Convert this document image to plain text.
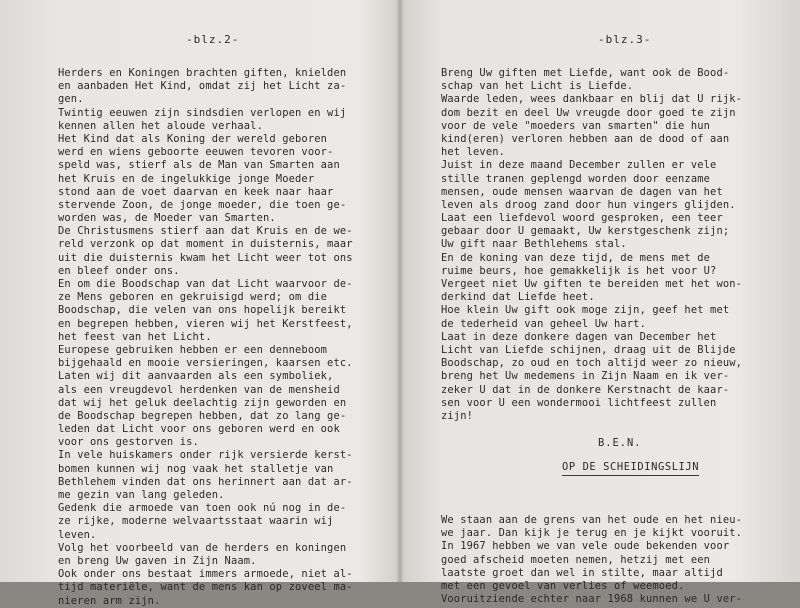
-blz.2-
Herders en Koningen brachten giften, knielden
en aanbaden Het Kind, omdat zij het Licht za-
gen.
Twintig eeuwen zijn sindsdien verlopen en wij
kennen allen het aloude verhaal.
Het Kind dat als Koning der wereld geboren
werd en wiens geboorte eeuwen tevoren voor-
speld was, stierf als de Man van Smarten aan
het Kruis en de ingelukkige jonge Moeder
stond aan de voet daarvan en keek naar haar
stervende Zoon, de jonge moeder, die toen ge-
worden was, de Moeder van Smarten.
De Christusmens stierf aan dat Kruis en de we-
reld verzonk op dat moment in duisternis, maar
uit die duisternis kwam het Licht weer tot ons
en bleef onder ons.
En om die Boodschap van dat Licht waarvoor de-
ze Mens geboren en gekruisigd werd; om die
Boodschap, die velen van ons hopelijk bereikt
en begrepen hebben, vieren wij het Kerstfeest,
het feest van het Licht.
Europese gebruiken hebben er een denneboom
bijgehaald en mooie versieringen, kaarsen etc.
Laten wij dit aanvaarden als een symboliek,
als een vreugdevol herdenken van de mensheid
dat wij het geluk deelachtig zijn geworden en
de Boodschap begrepen hebben, dat zo lang ge-
leden dat Licht voor ons geboren werd en ook
voor ons gestorven is.
In vele huiskamers onder rijk versierde kerst-
bomen kunnen wij nog vaak het stalletje van
Bethlehem vinden dat ons herinnert aan dat ar-
me gezin van lang geleden.
Gedenk die armoede van toen ook nú nog in de-
ze rijke, moderne welvaartsstaat waarin wij
leven.
Volg het voorbeeld van de herders en koningen
en breng Uw gaven in Zijn Naam.
Ook onder ons bestaat immers armoede, niet al-
tijd materiële, want de mens kan op zoveel ma-
nieren arm zijn.
-blz.3-
Breng Uw giften met Liefde, want ook de Bood-
schap van het Licht is Liefde.
Waarde leden, wees dankbaar en blij dat U rijk-
dom bezit en deel Uw vreugde door goed te zijn
voor de vele "moeders van smarten" die hun
kind(eren) verloren hebben aan de dood of aan
het leven.
Juist in deze maand December zullen er vele
stille tranen geplengd worden door eenzame
mensen, oude mensen waarvan de dagen van het
leven als droog zand door hun vingers glijden.
Laat een liefdevol woord gesproken, een teer
gebaar door U gemaakt, Uw kerstgeschenk zijn;
Uw gift naar Bethlehems stal.
En de koning van deze tijd, de mens met de
ruime beurs, hoe gemakkelijk is het voor U?
Vergeet niet Uw giften te bereiden met het won-
derkind dat Liefde heet.
Hoe klein Uw gift ook moge zijn, geef het met
de tederheid van geheel Uw hart.
Laat in deze donkere dagen van December het
Licht van Liefde schijnen, draag uit de Blijde
Boodschap, zo oud en toch altijd weer zo nieuw,
breng het Uw medemens in Zijn Naam en ik ver-
zeker U dat in de donkere Kerstnacht de kaar-
sen voor U een wondermooi lichtfeest zullen
zijn!
B.E.N.
OP DE SCHEIDINGSLIJN
We staan aan de grens van het oude en het nieu-
we jaar. Dan kijk je terug en je kijkt vooruit.
In 1967 hebben we van vele oude bekenden voor
goed afscheid moeten nemen, hetzij met een
laatste groet dan wel in stilte, maar altijd
met een gevoel van verlies of weemoed.
Vooruitziende echter naar 1968 kunnen we U ver-
